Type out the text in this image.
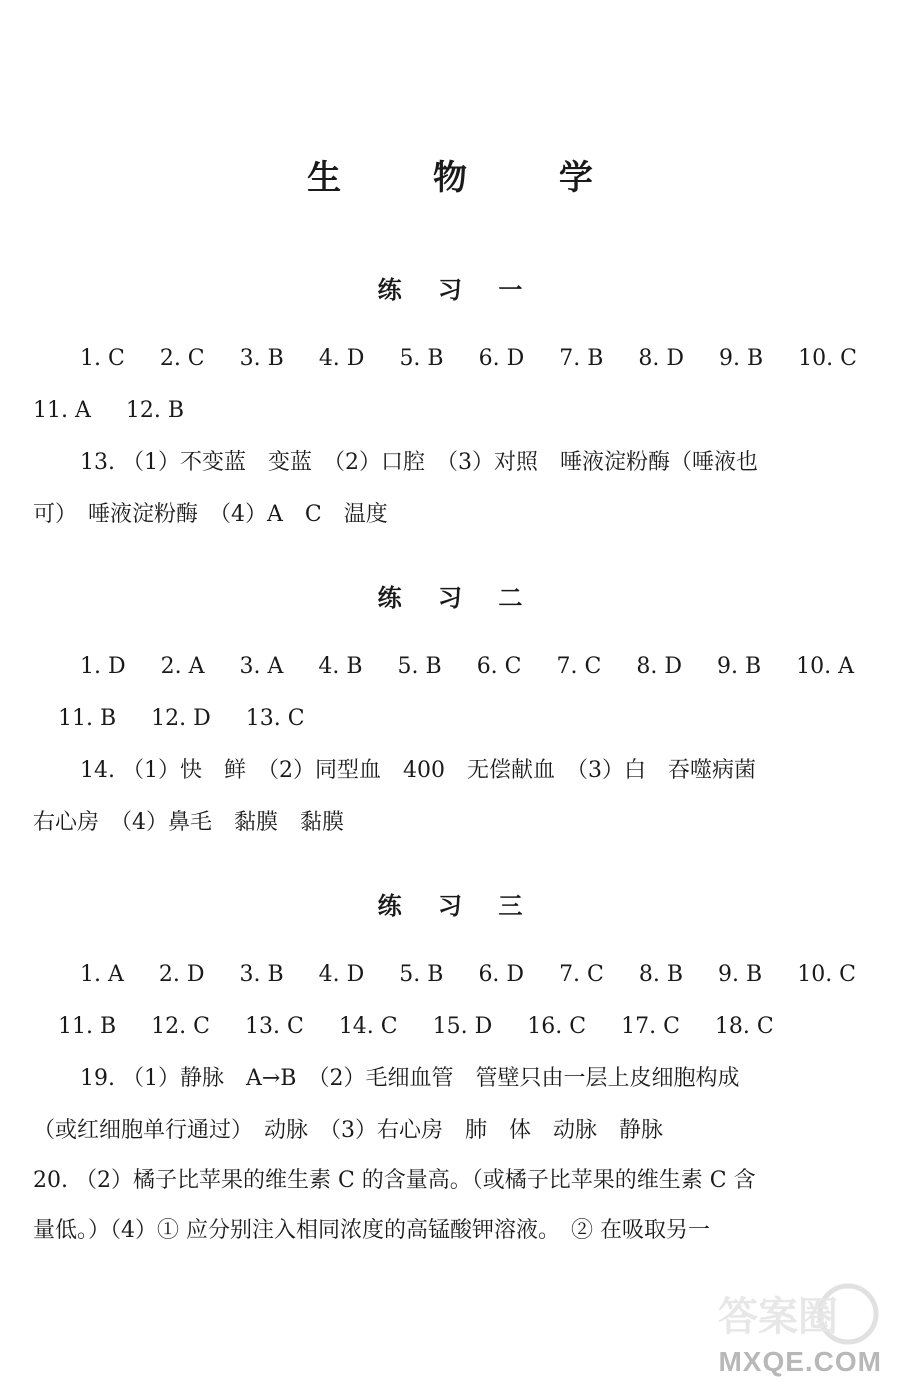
生 物 学
练 习 一
1. C 2. C 3. B 4. D 5. B 6. D 7. B 8. D 9. B 10. C
11. A 12. B
13. （1）不变蓝　变蓝　（2）口腔　（3）对照　唾液淀粉酶（唾液也
可）　唾液淀粉酶　（4）A　C　温度
练 习 二
1. D 2. A 3. A 4. B 5. B 6. C 7. C 8. D 9. B 10. A
11. B 12. D 13. C
14. （1）快　鲜　（2）同型血　400　无偿献血　（3）白　吞噬病菌
右心房　（4）鼻毛　黏膜　黏膜
练 习 三
1. A 2. D 3. B 4. D 5. B 6. D 7. C 8. B 9. B 10. C
11. B 12. C 13. C 14. C 15. D 16. C 17. C 18. C
19. （1）静脉　A→B　（2）毛细血管　管壁只由一层上皮细胞构成
（或红细胞单行通过）　动脉　（3）右心房　肺　体　动脉　静脉
20. （2）橘子比苹果的维生素 C 的含量高。（或橘子比苹果的维生素 C 含
量低。）（4）① 应分别注入相同浓度的高锰酸钾溶液。　② 在吸取另一
答案圈
MXQE.COM
